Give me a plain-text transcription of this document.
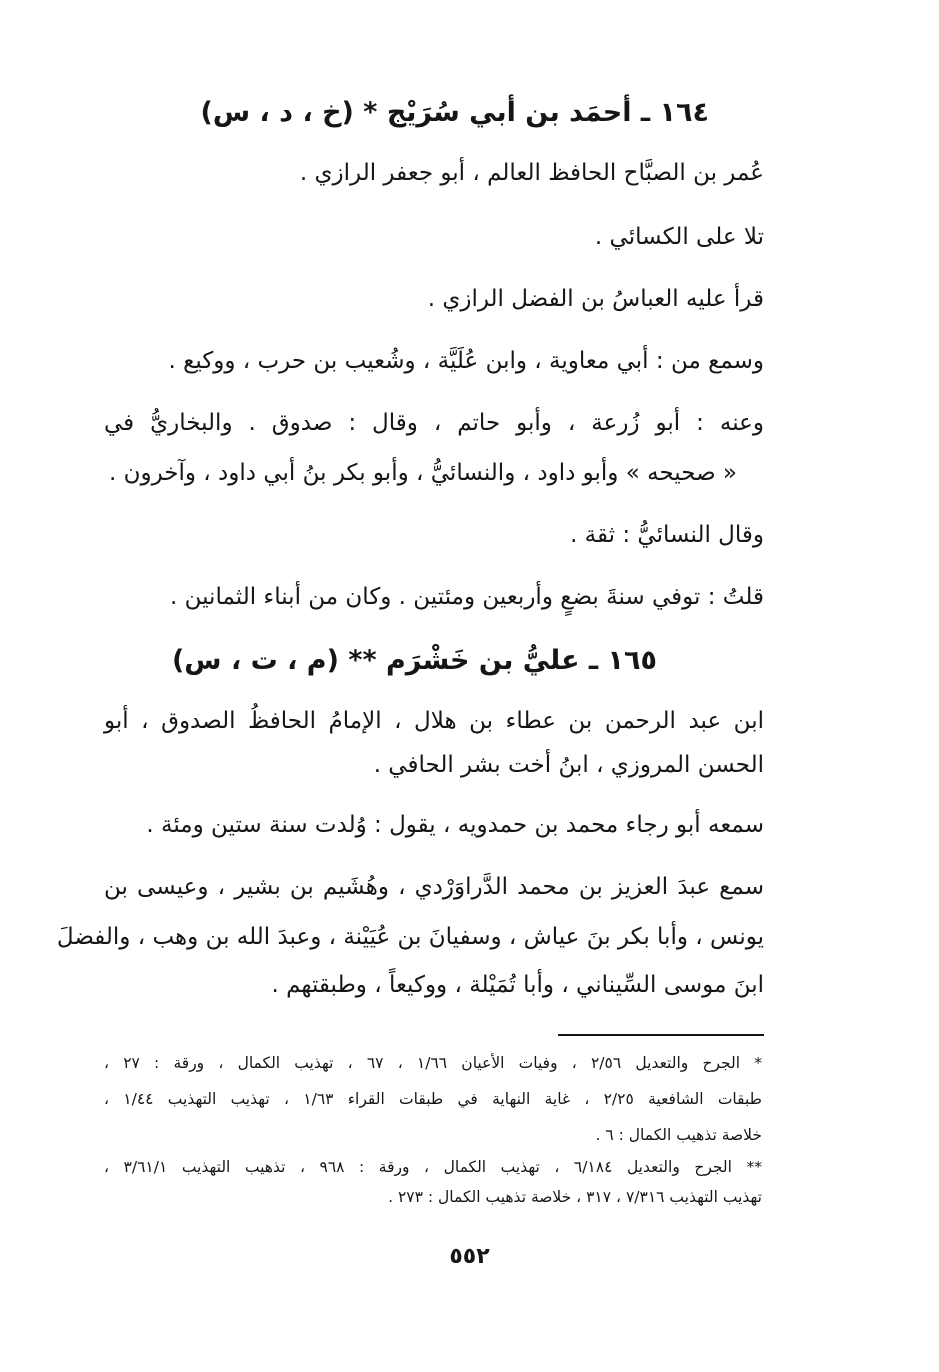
١٦٤ ـ أحمَد بن أبي سُرَيْج * (خ ، د ، س)
عُمر بن الصبَّاح الحافظ العالم ، أبو جعفر الرازي .
تلا على الكسائي .
قرأ عليه العباسُ بن الفضل الرازي .
وسمع من : أبي معاوية ، وابن عُلَيَّة ، وشُعيب بن حرب ، ووكيع .
وعنه : أبو زُرعة ، وأبو حاتم ، وقال : صدوق . والبخاريُّ في
« صحيحه » وأبو داود ، والنسائيُّ ، وأبو بكر بنُ أبي داود ، وآخرون .
وقال النسائيُّ : ثقة .
قلتُ : توفي سنةَ بضعٍ وأربعين ومئتين . وكان من أبناء الثمانين .
١٦٥ ـ عليُّ بن خَشْرَم ** (م ، ت ، س)
ابن عبد الرحمن بن عطاء بن هلال ، الإمامُ الحافظُ الصدوق ، أبو
الحسن المروزي ، ابنُ أخت بشر الحافي .
سمعه أبو رجاء محمد بن حمدويه ، يقول : وُلدت سنة ستين ومئة .
سمع عبدَ العزيز بن محمد الدَّراوَرْدي ، وهُشَيم بن بشير ، وعيسى بن
يونس ، وأبا بكر بنَ عياش ، وسفيانَ بن عُيَيْنة ، وعبدَ الله بن وهب ، والفضلَ
ابنَ موسى السِّيناني ، وأبا تُمَيْلة ، ووكيعاً ، وطبقتهم .
* الجرح والتعديل ٢/٥٦ ، وفيات الأعيان ١/٦٦ ، ٦٧ ، تهذيب الكمال ، ورقة : ٢٧ ،
طبقات الشافعية ٢/٢٥ ، غاية النهاية في طبقات القراء ١/٦٣ ، تهذيب التهذيب ١/٤٤ ،
خلاصة تذهيب الكمال : ٦ .
** الجرح والتعديل ٦/١٨٤ ، تهذيب الكمال ، ورقة : ٩٦٨ ، تذهيب التهذيب ٣/٦١/١ ،
تهذيب التهذيب ٧/٣١٦ ، ٣١٧ ، خلاصة تذهيب الكمال : ٢٧٣ .
٥٥٢
